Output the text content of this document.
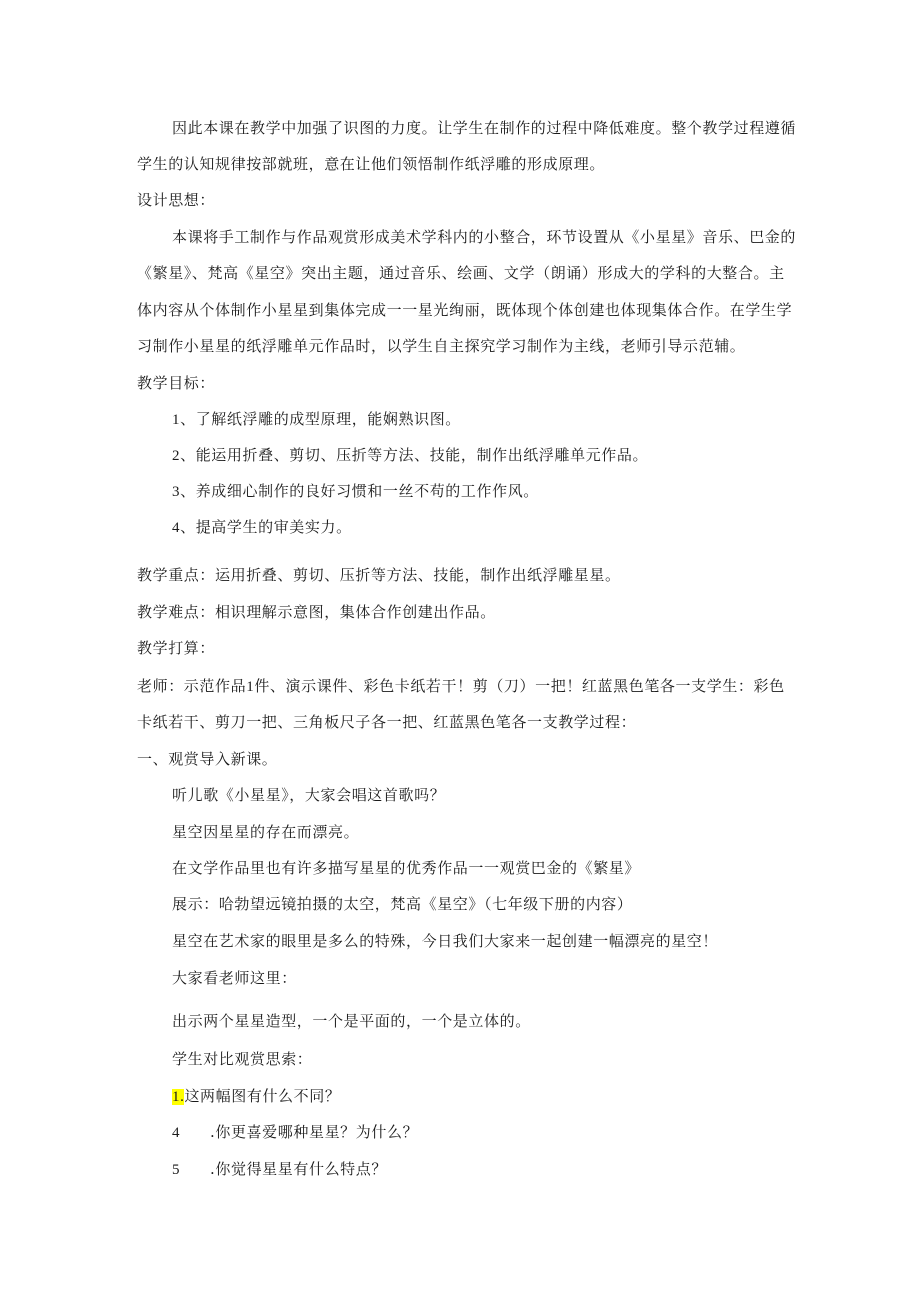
因此本课在教学中加强了识图的力度。让学生在制作的过程中降低难度。整个教学过程遵循
学生的认知规律按部就班，意在让他们领悟制作纸浮雕的形成原理。
设计思想：
本课将手工制作与作品观赏形成美术学科内的小整合，环节设置从《小星星》音乐、巴金的
《繁星》、梵高《星空》突出主题，通过音乐、绘画、文学（朗诵）形成大的学科的大整合。主
体内容从个体制作小星星到集体完成一一星光绚丽，既体现个体创建也体现集体合作。在学生学
习制作小星星的纸浮雕单元作品时，以学生自主探究学习制作为主线，老师引导示范辅。
教学目标：
1、了解纸浮雕的成型原理，能娴熟识图。
2、能运用折叠、剪切、压折等方法、技能，制作出纸浮雕单元作品。
3、养成细心制作的良好习惯和一丝不苟的工作作风。
4、提高学生的审美实力。
教学重点：运用折叠、剪切、压折等方法、技能，制作出纸浮雕星星。
教学难点：相识理解示意图，集体合作创建出作品。
教学打算：
老师：示范作品1件、演示课件、彩色卡纸若干！剪（刀）一把！红蓝黑色笔各一支学生：彩色
卡纸若干、剪刀一把、三角板尺子各一把、红蓝黑色笔各一支教学过程：
一、观赏导入新课。
听儿歌《小星星》，大家会唱这首歌吗？
星空因星星的存在而漂亮。
在文学作品里也有许多描写星星的优秀作品一一观赏巴金的《繁星》
展示：哈勃望远镜拍摄的太空，梵高《星空》（七年级下册的内容）
星空在艺术家的眼里是多么的特殊，今日我们大家来一起创建一幅漂亮的星空！
大家看老师这里：
出示两个星星造型，一个是平面的，一个是立体的。
学生对比观赏思索：
1.这两幅图有什么不同？
4 .你更喜爱哪种星星？为什么？
5 .你觉得星星有什么特点？
